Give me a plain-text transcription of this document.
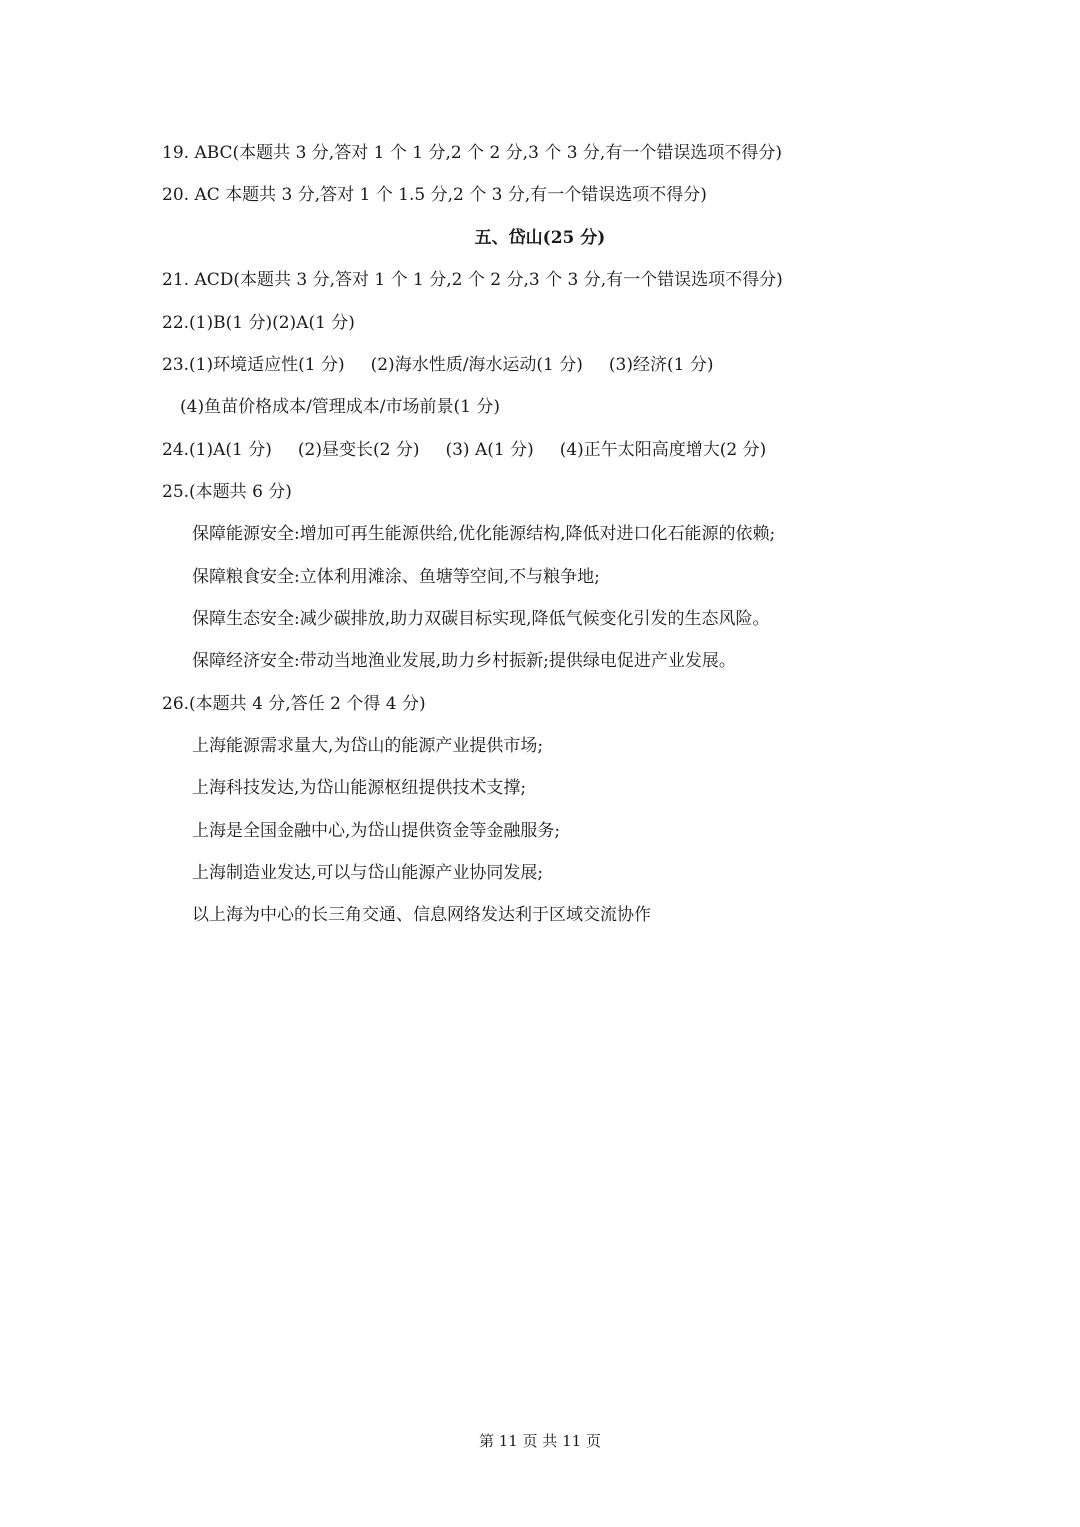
19. ABC(本题共 3 分,答对 1 个 1 分,2 个 2 分,3 个 3 分,有一个错误选项不得分)
20. AC 本题共 3 分,答对 1 个 1.5 分,2 个 3 分,有一个错误选项不得分)
五、岱山(25 分)
21. ACD(本题共 3 分,答对 1 个 1 分,2 个 2 分,3 个 3 分,有一个错误选项不得分)
22.(1)B(1 分)(2)A(1 分)
23.(1)环境适应性(1 分) (2)海水性质/海水运动(1 分) (3)经济(1 分)
(4)鱼苗价格成本/管理成本/市场前景(1 分)
24.(1)A(1 分) (2)昼变长(2 分) (3) A(1 分) (4)正午太阳高度增大(2 分)
25.(本题共 6 分)
保障能源安全:增加可再生能源供给,优化能源结构,降低对进口化石能源的依赖;
保障粮食安全:立体利用滩涂、鱼塘等空间,不与粮争地;
保障生态安全:减少碳排放,助力双碳目标实现,降低气候变化引发的生态风险。
保障经济安全:带动当地渔业发展,助力乡村振新;提供绿电促进产业发展。
26.(本题共 4 分,答任 2 个得 4 分)
上海能源需求量大,为岱山的能源产业提供市场;
上海科技发达,为岱山能源枢纽提供技术支撑;
上海是全国金融中心,为岱山提供资金等金融服务;
上海制造业发达,可以与岱山能源产业协同发展;
以上海为中心的长三角交通、信息网络发达利于区域交流协作
第 11 页 共 11 页
